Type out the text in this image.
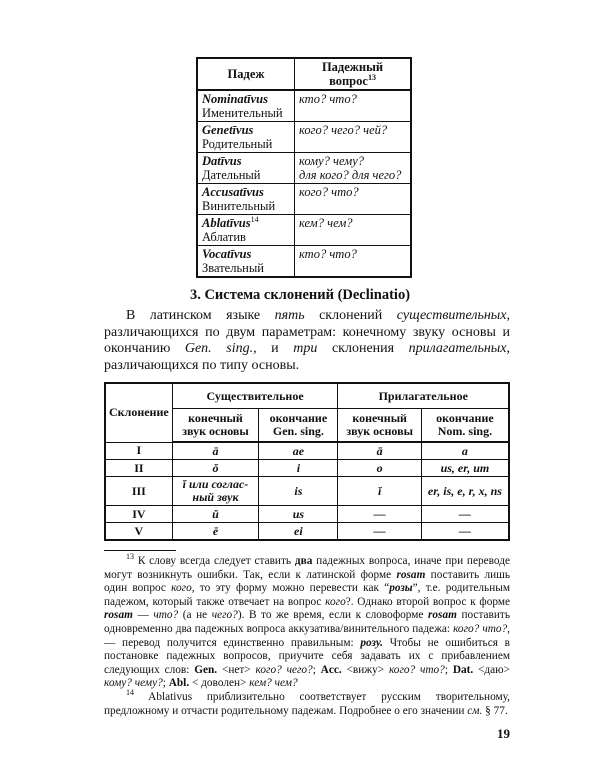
Падеж	Падежный вопрос$^{13}$
Nominatīvus
Именительный	кто? что?
Genetīvus
Родительный	кого? чего? чей?
Datīvus
Дательный	кому? чему?
для кого? для чего?
Accusatīvus
Винительный	кого? что?
Ablatīvus$^{14}$
Аблатив	кем? чем?
Vocatīvus
Звательный	кто? что?
3. Система склонений (Declinatio)
В латинском языке пять склонений существительных, различающихся по двум параметрам: конечному звуку основы и окончанию Gen. sing., и три склонения прилагательных, различающихся по типу основы.
Склонение	Существительное		Прилагательное	
	конечный звук основы	окончание Gen. sing.	конечный звук основы	окончание Nom. sing.
I	ā	ae	ā	a
II	ŏ	i	o	us, er, um
III	ĭ или соглас-ный звук	is	ĭ	er, is, e, r, x, ns
IV	ŭ	us	—	—
V	ē	ei	—	—

$^{13}$ К слову всегда следует ставить два падежных вопроса, иначе при переводе могут возникнуть ошибки. Так, если к латинской форме rosam поставить лишь один вопрос кого, то эту форму можно перевести как “розы”, т.е. родительным падежом, который также отвечает на вопрос кого?. Однако второй вопрос к форме rosam — что? (а не чего?). В то же время, если к словоформе rosam поставить одновременно два падежных вопроса аккузатива/винительного падежа: кого? что?, — перевод получится единственно правильным: розу. Чтобы не ошибиться в постановке падежных вопросов, приучите себя задавать их с прибавлением следующих слов: Gen. <нет> кого? чего?; Acc. <вижу> кого? что?; Dat. <даю> кому? чему?; Abl. < доволен> кем? чем?

$^{14}$ Ablativus приблизительно соответствует русским творительному, предложному и отчасти родительному падежам. Подробнее о его значении см. § 77.

19
